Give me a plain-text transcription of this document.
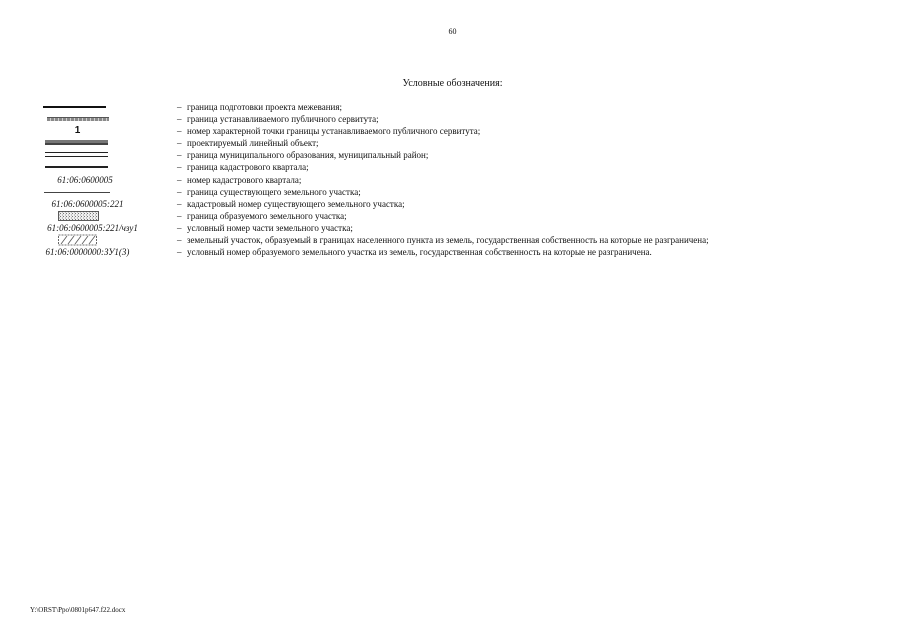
60
Условные обозначения:
– граница подготовки проекта межевания;
– граница устанавливаемого публичного сервитута;
1	– номер характерной точки границы устанавливаемого публичного сервитута;
– проектируемый линейный объект;
– граница муниципального образования, муниципальный район;
– граница кадастрового квартала;
61:06:0600005	– номер кадастрового квартала;
– граница существующего земельного участка;
61:06:0600005:221	– кадастровый номер существующего земельного участка;
– граница образуемого земельного участка;
61:06:0600005:221/чзу1	– условный номер части земельного участка;
– земельный участок, образуемый в границах населенного пункта из земель, государственная собственность на которые не разграничена;
61:06:0000000:ЗУ1(3)	– условный номер образуемого земельного участка из земель, государственная собственность на которые не разграничена.
Y:\ORST\Ppo\0801p647.f22.docx
